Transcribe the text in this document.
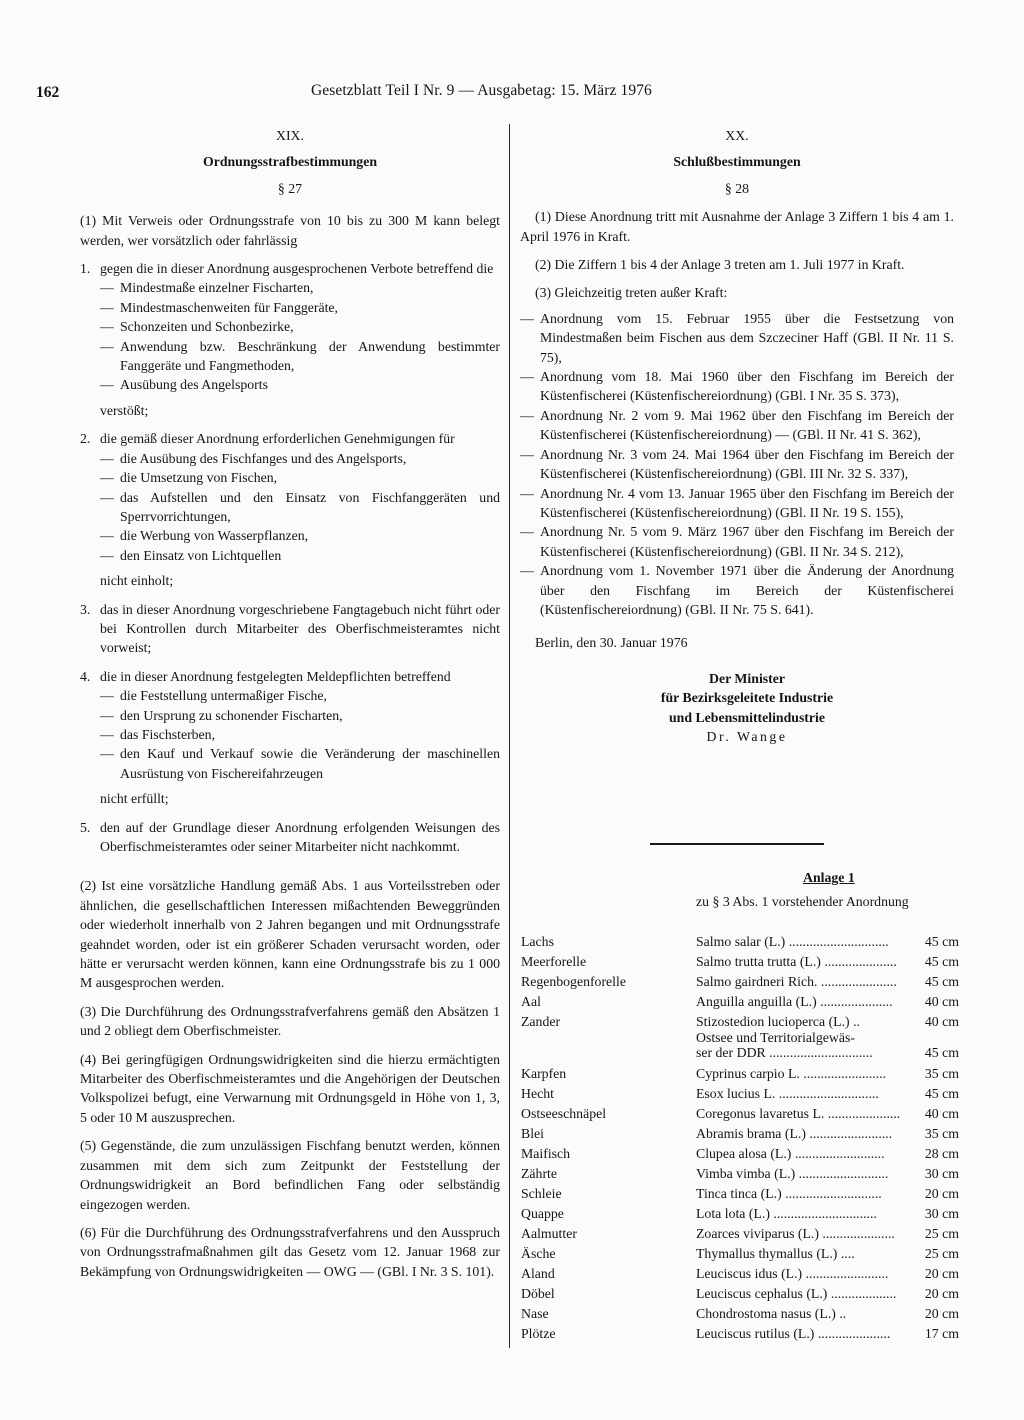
162	Gesetzblatt Teil I Nr. 9 — Ausgabetag: 15. März 1976

XIX.

Ordnungsstrafbestimmungen

§ 27

(1) Mit Verweis oder Ordnungsstrafe von 10 bis zu 300 M kann belegt werden, wer vorsätzlich oder fahrlässig

1. gegen die in dieser Anordnung ausgesprochenen Verbote betreffend die

— Mindestmaße einzelner Fischarten,
— Mindestmaschenweiten für Fanggeräte,
— Schonzeiten und Schonbezirke,
— Anwendung bzw. Beschränkung der Anwendung bestimmter Fanggeräte und Fangmethoden,
— Ausübung des Angelsports

verstößt;

2. die gemäß dieser Anordnung erforderlichen Genehmigungen für

— die Ausübung des Fischfanges und des Angelsports,
— die Umsetzung von Fischen,
— das Aufstellen und den Einsatz von Fischfanggeräten und Sperrvorrichtungen,
— die Werbung von Wasserpflanzen,
— den Einsatz von Lichtquellen

nicht einholt;

3. das in dieser Anordnung vorgeschriebene Fangtagebuch nicht führt oder bei Kontrollen durch Mitarbeiter des Oberfischmeisteramtes nicht vorweist;

4. die in dieser Anordnung festgelegten Meldepflichten betreffend

— die Feststellung untermaßiger Fische,
— den Ursprung zu schonender Fischarten,
— das Fischsterben,
— den Kauf und Verkauf sowie die Veränderung der maschinellen Ausrüstung von Fischereifahrzeugen

nicht erfüllt;

5. den auf der Grundlage dieser Anordnung erfolgenden Weisungen des Oberfischmeisteramtes oder seiner Mitarbeiter nicht nachkommt.

(2) Ist eine vorsätzliche Handlung gemäß Abs. 1 aus Vorteilsstreben oder ähnlichen, die gesellschaftlichen Interessen mißachtenden Beweggründen oder wiederholt innerhalb von 2 Jahren begangen und mit Ordnungsstrafe geahndet worden, oder ist ein größerer Schaden verursacht worden, oder hätte er verursacht werden können, kann eine Ordnungsstrafe bis zu 1 000 M ausgesprochen werden.

(3) Die Durchführung des Ordnungsstrafverfahrens gemäß den Absätzen 1 und 2 obliegt dem Oberfischmeister.

(4) Bei geringfügigen Ordnungswidrigkeiten sind die hierzu ermächtigten Mitarbeiter des Oberfischmeisteramtes und die Angehörigen der Deutschen Volkspolizei befugt, eine Verwarnung mit Ordnungsgeld in Höhe von 1, 3, 5 oder 10 M auszusprechen.

(5) Gegenstände, die zum unzulässigen Fischfang benutzt werden, können zusammen mit dem sich zum Zeitpunkt der Feststellung der Ordnungswidrigkeit an Bord befindlichen Fang oder selbständig eingezogen werden.

(6) Für die Durchführung des Ordnungsstrafverfahrens und den Ausspruch von Ordnungsstrafmaßnahmen gilt das Gesetz vom 12. Januar 1968 zur Bekämpfung von Ordnungswidrigkeiten — OWG — (GBl. I Nr. 3 S. 101).

XX.

Schlußbestimmungen

§ 28

(1) Diese Anordnung tritt mit Ausnahme der Anlage 3 Ziffern 1 bis 4 am 1. April 1976 in Kraft.

(2) Die Ziffern 1 bis 4 der Anlage 3 treten am 1. Juli 1977 in Kraft.

(3) Gleichzeitig treten außer Kraft:

— Anordnung vom 15. Februar 1955 über die Festsetzung von Mindestmaßen beim Fischen aus dem Szczeciner Haff (GBl. II Nr. 11 S. 75),
— Anordnung vom 18. Mai 1960 über den Fischfang im Bereich der Küstenfischerei (Küstenfischereiordnung) (GBl. I Nr. 35 S. 373),
— Anordnung Nr. 2 vom 9. Mai 1962 über den Fischfang im Bereich der Küstenfischerei (Küstenfischereiordnung) — (GBl. II Nr. 41 S. 362),
— Anordnung Nr. 3 vom 24. Mai 1964 über den Fischfang im Bereich der Küstenfischerei (Küstenfischereiordnung) (GBl. III Nr. 32 S. 337),
— Anordnung Nr. 4 vom 13. Januar 1965 über den Fischfang im Bereich der Küstenfischerei (Küstenfischereiordnung) (GBl. II Nr. 19 S. 155),
— Anordnung Nr. 5 vom 9. März 1967 über den Fischfang im Bereich der Küstenfischerei (Küstenfischereiordnung) (GBl. II Nr. 34 S. 212),
— Anordnung vom 1. November 1971 über die Änderung der Anordnung über den Fischfang im Bereich der Küstenfischerei (Küstenfischereiordnung) (GBl. II Nr. 75 S. 641).

Berlin, den 30. Januar 1976

Der Minister

für Bezirksgeleitete Industrie

und Lebensmittelindustrie

Dr. Wange

Anlage 1
zu § 3 Abs. 1 vorstehender Anordnung
Lachs	Salmo salar (L.) .............................	45 cm
Meerforelle	Salmo trutta trutta (L.) .....................	45 cm
Regenbogenforelle	Salmo gairdneri Rich. ......................	45 cm
Aal	Anguilla anguilla (L.) .....................	40 cm
Zander	Stizostedion lucioperca (L.) ..	40 cm
Ostsee und Territorialgewäs-
ser der DDR ..............................	45 cm
Karpfen	Cyprinus carpio L. ........................	35 cm
Hecht	Esox lucius L. .............................	45 cm
Ostseeschnäpel	Coregonus lavaretus L. .....................	40 cm
Blei	Abramis brama (L.) ........................	35 cm
Maifisch	Clupea alosa (L.) ..........................	28 cm
Zährte	Vimba vimba (L.) ..........................	30 cm
Schleie	Tinca tinca (L.) ............................	20 cm
Quappe	Lota lota (L.) ..............................	30 cm
Aalmutter	Zoarces viviparus (L.) .....................	25 cm
Äsche	Thymallus thymallus (L.) ....	25 cm
Aland	Leuciscus idus (L.) ........................	20 cm
Döbel	Leuciscus cephalus (L.) ...................	20 cm
Nase	Chondrostoma nasus (L.) ..	20 cm
Plötze	Leuciscus rutilus (L.) .....................	17 cm
